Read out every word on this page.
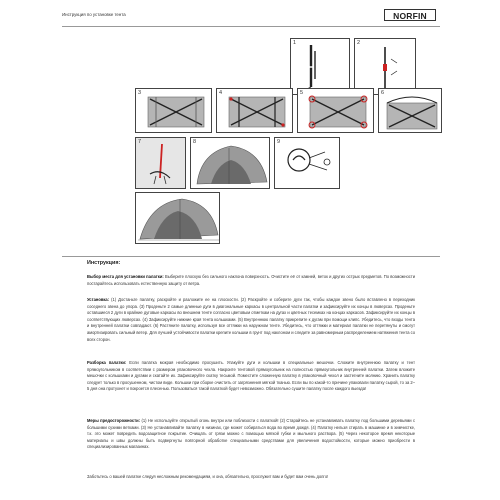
Инструкция по установке тента	NORFIN
1	2
3	4	5	6
7	8	9
Инструкция:
Выбор места для установки палатки: Выберите плоскую без сильного наклона поверхность. Очистите её от камней, веток и других острых предметов. По возможности постарайтесь использовать естественную защиту от ветра.
Установка: (1) Достаньте палатку, раскройте и разложите ее на плоскости. (2) Раскройте и соберите дуги так, чтобы каждое звено было вставлено в переходник соседнего звена до упора. (3) Проденьте 2 самые длинные дуги в диагональные каркасы в центральной части палатки и зафиксируйте их концы в люверсах. Проденьте оставшиеся 2 дуги в крайние дуговые каркасы во внешнем тенте согласно цветовым отметкам на дугах и цветных тесемках на концах каркасов. Зафиксируйте их концы в соответствующих люверсах. (4) Зафиксируйте нижние края тента кольшками. (5) Внутреннюю палатку прикрепите к дугам при помощи клипс. Убедитесь, что входы тента и внутренней палатки совпадают. (6) Растяните палатку, используя все оттяжки на наружном тенте. Убедитесь, что оттяжки и материал палатки не перетянуты и смогут амортизировать сильный ветер. Для лучшей устойчивости палатки крепите кольшки в грунт под наклоном и следите за равномерным распределением натяжения тента со всех сторон.
Разборка палатки: Если палатка мокрая необходимо просушить. Упакуйте дуги и колышки в специальные мешочки. Сложите внутреннюю палатку и тент прямоугольником в соответствии с размером упаковочного чехла. Накроите тентовой прямоугольник на полностью прямоугольник внутренней палатки. Затем вложите мешочки с кольшками и дугами и скатайте их. Зафиксируйте скатку тесьмой. Поместите сложенную палатку в упаковочный чехол и застегните молнию. Хранить палатку следует только в просушенном, чистом виде. Кольшки при сборке очистить от загрязнения мягкой тканью. Если вы по какой-то причине упаковали палатку сырой, то за 2–5 дня она протухнет и покроется плесенью. Пользоваться такой палаткой будет невозможно. Обязательно сушите палатку после каждого выезда!
Меры предосторожности: (1) Не используйте открытый огонь внутри или поблизости с палаткой! (2) Старайтесь не устанавливать палатку под большими деревьями с большими сухими ветками. (3) Не устанавливайте палатку в низинах, где может собираться вода во время дождя. (4) Палатку нельзя стирать в машинке и в химчистке, т.к. это может повредить водозащитное покрытие. Очищать от грязи можно с помощью мягкой губки и мыльного раствора. (5) Через некоторое время некоторые материалы и швы должны быть подвергнуты повторной обработке специальными средствами для увеличения водостойкости, которые можно приобрести в специализированных магазинах.
Заботьтесь о вашей палатке следуя несложным рекомендациям, и она, обязательно, прослужит вам и будет вам очень долго!
